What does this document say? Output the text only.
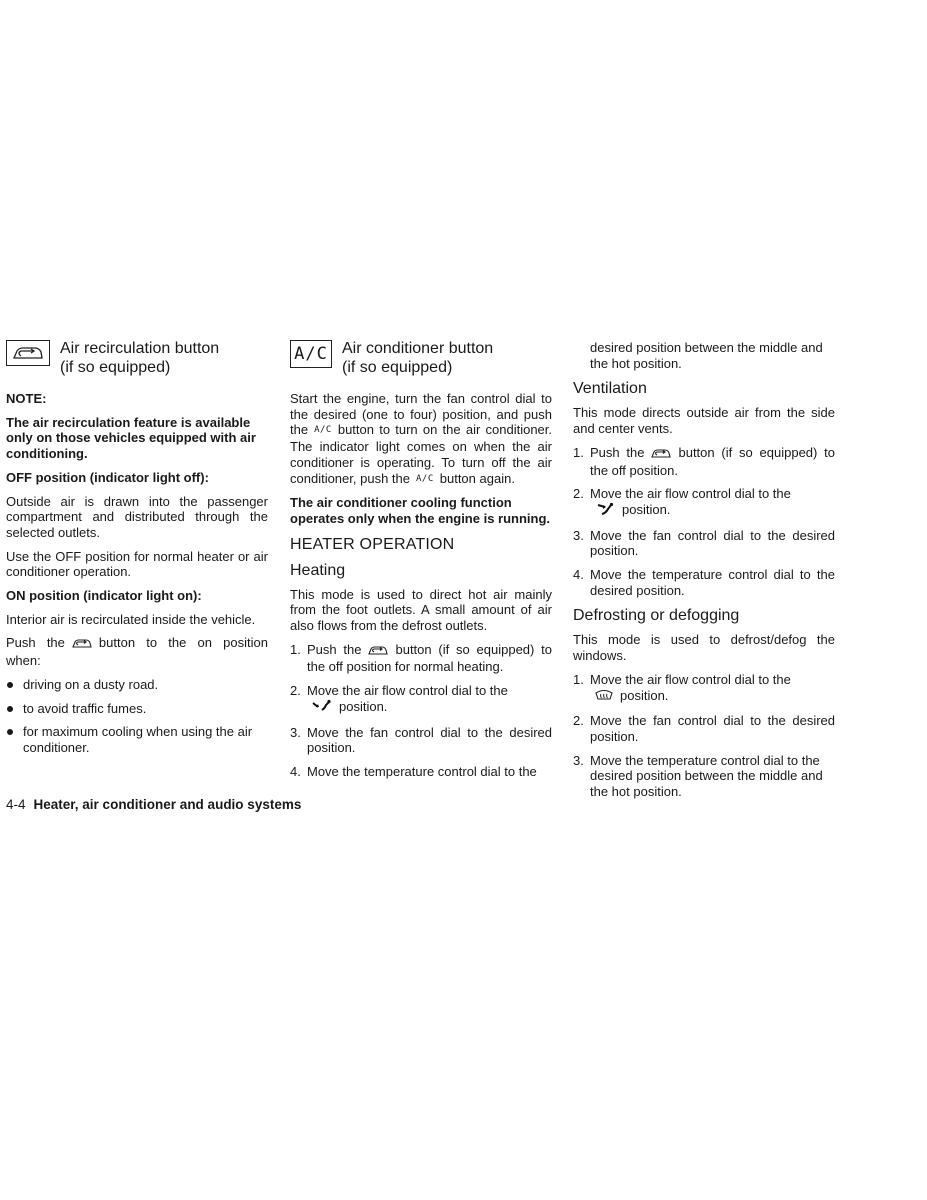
Air recirculation button
(if so equipped)

NOTE:

The air recirculation feature is available only on those vehicles equipped with air conditioning.

OFF position (indicator light off):

Outside air is drawn into the passenger compartment and distributed through the selected outlets.

Use the OFF position for normal heater or air conditioner operation.

ON position (indicator light on):

Interior air is recirculated inside the vehicle.

Push the	button to the on position when:

driving on a dusty road.
to avoid traffic fumes.
for maximum cooling when using the air conditioner.
A/C Air conditioner button
(if so equipped)

Start the engine, turn the fan control dial to the desired (one to four) position, and push the A/C button to turn on the air conditioner. The indicator light comes on when the air conditioner is operating. To turn off the air conditioner, push the A/C button again.

The air conditioner cooling function operates only when the engine is running.

HEATER OPERATION
Heating

This mode is used to direct hot air mainly from the foot outlets. A small amount of air also flows from the defrost outlets.

1. Push the	button (if so equipped) to the off position for normal heating.
2. Move the air flow control dial to the
position.
3. Move the fan control dial to the desired position.
4. Move the temperature control dial to the

desired position between the middle and the hot position.

Ventilation

This mode directs outside air from the side and center vents.

1. Push the	button (if so equipped) to the off position.
2. Move the air flow control dial to the
position.
3. Move the fan control dial to the desired position.
4. Move the temperature control dial to the desired position.
Defrosting or defogging

This mode is used to defrost/defog the windows.

1. Move the air flow control dial to the
position.
2. Move the fan control dial to the desired position.
3. Move the temperature control dial to the desired position between the middle and the hot position.
4-4 Heater, air conditioner and audio systems
